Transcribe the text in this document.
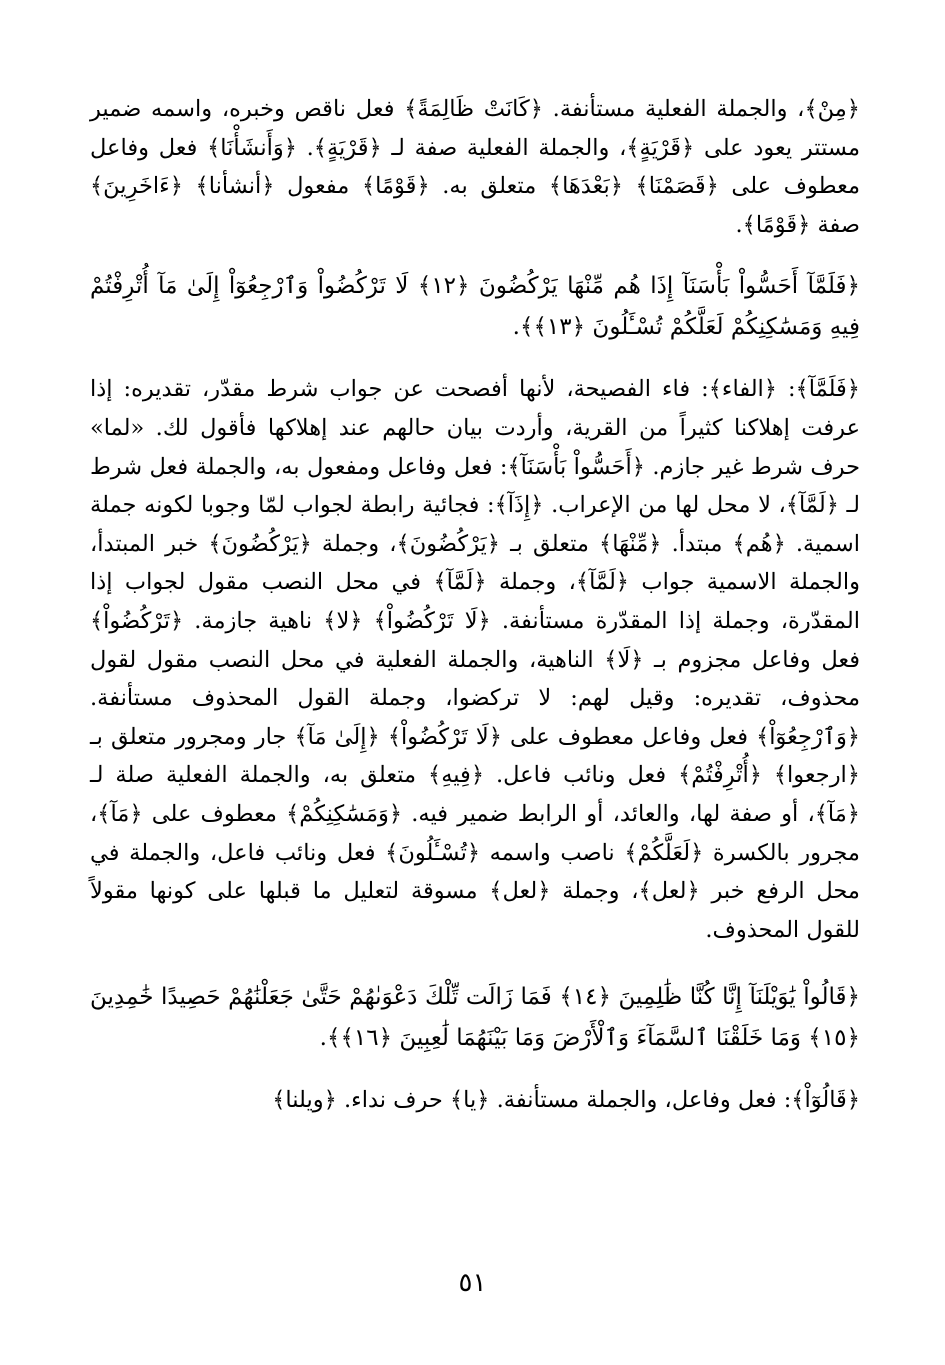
﴿مِنْ﴾، والجملة الفعلية مستأنفة. ﴿كَانَتْ ظَالِمَةً﴾ فعل ناقص وخبره، واسمه ضمير مستتر يعود على ﴿قَرْيَةٍ﴾، والجملة الفعلية صفة لـ ﴿قَرْيَةٍ﴾. ﴿وَأَنشَأْنَا﴾ فعل وفاعل معطوف على ﴿قَصَمْنَا﴾ ﴿بَعْدَهَا﴾ متعلق به. ﴿قَوْمًا﴾ مفعول ﴿أنشأنا﴾ ﴿ءَاخَرِينَ﴾ صفة ﴿قَوْمًا﴾.

﴿فَلَمَّآ أَحَسُّواْ بَأْسَنَآ إِذَا هُم مِّنْهَا يَرْكُضُونَ ﴿١٢﴾ لَا تَرْكُضُواْ وَٱرْجِعُوٓاْ إِلَىٰ مَآ أُتْرِفْتُمْ فِيهِ وَمَسَٰكِنِكُمْ لَعَلَّكُمْ تُسْـَٔلُونَ ﴿١٣﴾﴾.

﴿فَلَمَّآ﴾: ﴿الفاء﴾: فاء الفصيحة، لأنها أفصحت عن جواب شرط مقدّر، تقديره: إذا عرفت إهلاكنا كثيراً من القرية، وأردت بيان حالهم عند إهلاكها فأقول لك. «لما» حرف شرط غير جازم. ﴿أَحَسُّواْ بَأْسَنَآ﴾: فعل وفاعل ومفعول به، والجملة فعل شرط لـ ﴿لَمَّآ﴾، لا محل لها من الإعراب. ﴿إِذَآ﴾: فجائية رابطة لجواب لمّا وجوبا لكونه جملة اسمية. ﴿هُم﴾ مبتدأ. ﴿مِّنْهَا﴾ متعلق بـ ﴿يَرْكُضُونَ﴾، وجملة ﴿يَرْكُضُونَ﴾ خبر المبتدأ، والجملة الاسمية جواب ﴿لَمَّآ﴾، وجملة ﴿لَمَّآ﴾ في محل النصب مقول لجواب إذا المقدّرة، وجملة إذا المقدّرة مستأنفة. ﴿لَا تَرْكُضُواْ﴾ ﴿لا﴾ ناهية جازمة. ﴿تَرْكُضُواْ﴾ فعل وفاعل مجزوم بـ ﴿لَا﴾ الناهية، والجملة الفعلية في محل النصب مقول لقول محذوف، تقديره: وقيل لهم: لا تركضوا، وجملة القول المحذوف مستأنفة. ﴿وَٱرْجِعُوٓاْ﴾ فعل وفاعل معطوف على ﴿لَا تَرْكُضُواْ﴾ ﴿إِلَىٰ مَآ﴾ جار ومجرور متعلق بـ ﴿ارجعوا﴾ ﴿أُتْرِفْتُمْ﴾ فعل ونائب فاعل. ﴿فِيهِ﴾ متعلق به، والجملة الفعلية صلة لـ ﴿مَآ﴾، أو صفة لها، والعائد، أو الرابط ضمير فيه. ﴿وَمَسَٰكِنِكُمْ﴾ معطوف على ﴿مَآ﴾، مجرور بالكسرة ﴿لَعَلَّكُمْ﴾ ناصب واسمه ﴿تُسْـَٔلُونَ﴾ فعل ونائب فاعل، والجملة في محل الرفع خبر ﴿لعل﴾، وجملة ﴿لعل﴾ مسوقة لتعليل ما قبلها على كونها مقولاً للقول المحذوف.

﴿قَالُواْ يَٰوَيْلَنَآ إِنَّا كُنَّا ظَٰلِمِينَ ﴿١٤﴾ فَمَا زَالَت تِّلْكَ دَعْوَىٰهُمْ حَتَّىٰ جَعَلْنَٰهُمْ حَصِيدًا خَٰمِدِينَ ﴿١٥﴾ وَمَا خَلَقْنَا ٱلسَّمَآءَ وَٱلْأَرْضَ وَمَا بَيْنَهُمَا لَٰعِبِينَ ﴿١٦﴾﴾.

﴿قَالُوٓاْ﴾: فعل وفاعل، والجملة مستأنفة. ﴿يا﴾ حرف نداء. ﴿ويلنا﴾

٥١
